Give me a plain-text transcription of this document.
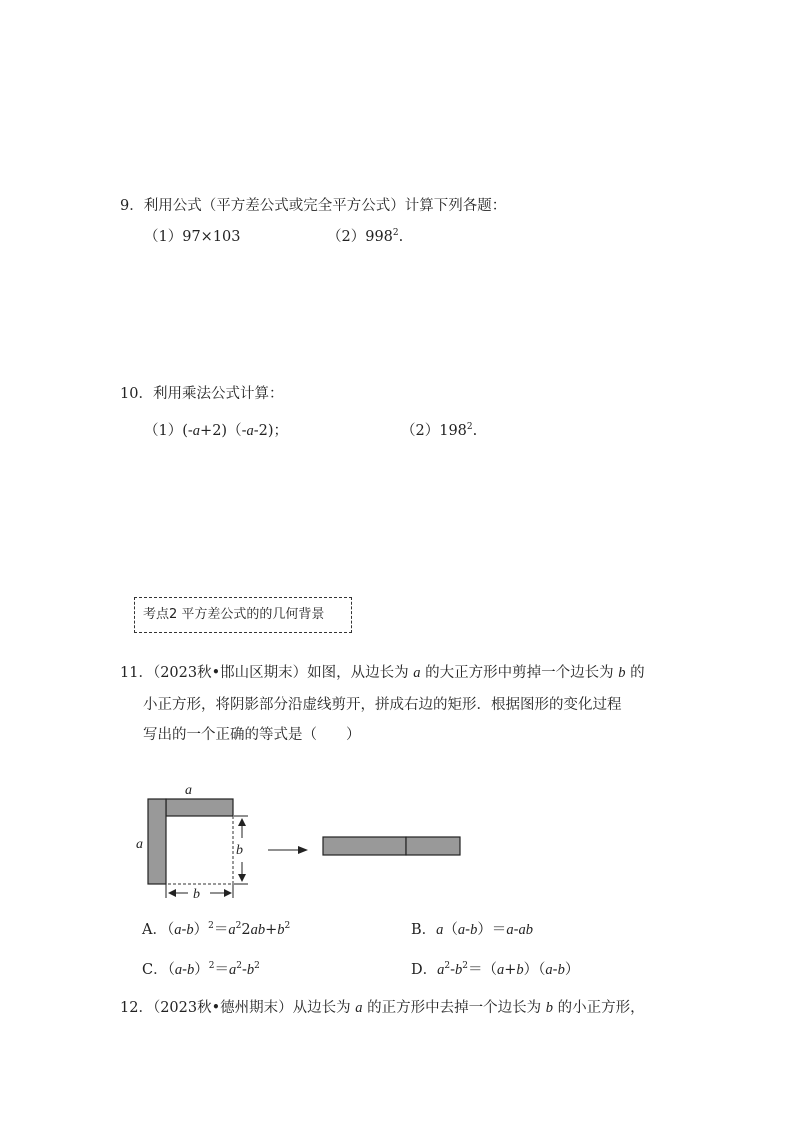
9．利用公式（平方差公式或完全平方公式）计算下列各题：
（1）97×103	$(2)998^2$.
10．利用乘法公式计算：
（1）(-a+2)（-a-2)；	$(2)198^2$.
考点2 平方差公式的的几何背景
11．（2023秋•邯山区期末）如图，从边长为 a 的大正方形中剪掉一个边长为 b 的
小正方形，将阴影部分沿虚线剪开，拼成右边的矩形．根据图形的变化过程
写出的一个正确的等式是（　　）
a
a	b
b
A．$(a-b)^2=a^22ab+b^2$	B．a（a-b）＝a-ab
C．$(a-b)^2=a^2-b^2$	D．$a^2-b^2=(a+b)(a-b)$
12．（2023秋•德州期末）从边长为 a 的正方形中去掉一个边长为 b 的小正方形，
